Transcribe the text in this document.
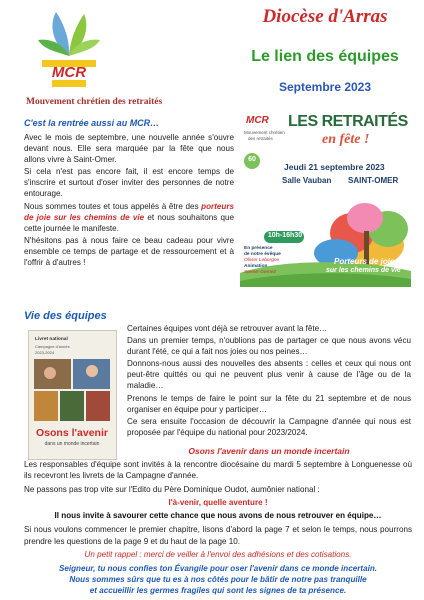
MCR
Mouvement chrétien des retraités
Diocèse d'Arras
Le lien des équipes
Septembre 2023
MCR
Mouvement chrétien
des retraités
60
LES RETRAITÉS
en fête !
Jeudi 21 septembre 2023
Salle Vauban SAINT-OMER
10h-16h30
En présence
de notre évêque
Olivier Leborgne
Animation
Steeve Gernez
Porteurs de joie,
sur les chemins de vie
C'est la rentrée aussi au MCR…

Avec le mois de septembre, une nouvelle année s'ouvre devant nous. Elle sera marquée par la fête que nous allons vivre à Saint-Omer.

Si cela n'est pas encore fait, il est encore temps de s'inscrire et surtout d'oser inviter des personnes de notre entourage.

Nous sommes toutes et tous appelés à être des porteurs de joie sur les chemins de vie et nous souhaitons que cette journée le manifeste.

N'hésitons pas à nous faire ce beau cadeau pour vivre ensemble ce temps de partage et de ressourcement et à l'offrir à d'autres !

Vie des équipes
Livret national
Campagne d'année
2023-2024
Osons l'avenir
dans un monde incertain

Certaines équipes vont déjà se retrouver avant la fête…

Dans un premier temps, n'oublions pas de partager ce que nous avons vécu durant l'été, ce qui a fait nos joies ou nos peines…

Donnons-nous aussi des nouvelles des absents : celles et ceux qui nous ont peut-être quittés ou qui ne peuvent plus venir à cause de l'âge ou de la maladie…

Prenons le temps de faire le point sur la fête du 21 septembre et de nous organiser en équipe pour y participer…

Ce sera ensuite l'occasion de découvrir la Campagne d'année qui nous est proposée par l'équipe du national pour 2023/2024.

Osons l'avenir dans un monde incertain

Les responsables d'équipe sont invités à la rencontre diocésaine du mardi 5 septembre à Longuenesse où ils recevront les livrets de la Campagne d'année.

Ne passons pas trop vite sur l'Edito du Père Dominique Oudot, aumônier national :

l'à-venir, quelle aventure !

Il nous invite à savourer cette chance que nous avons de nous retrouver en équipe…

Si nous voulons commencer le premier chapitre, lisons d'abord la page 7 et selon le temps, nous pourrons prendre les questions de la page 9 et du haut de la page 10.

Un petit rappel : merci de veiller à l'envoi des adhésions et des cotisations.

Seigneur, tu nous confies ton Évangile pour oser l'avenir dans ce monde incertain.

Nous sommes sûrs que tu es à nos côtés pour le bâtir de notre pas tranquille

et accueillir les germes fragiles qui sont les signes de ta présence.
